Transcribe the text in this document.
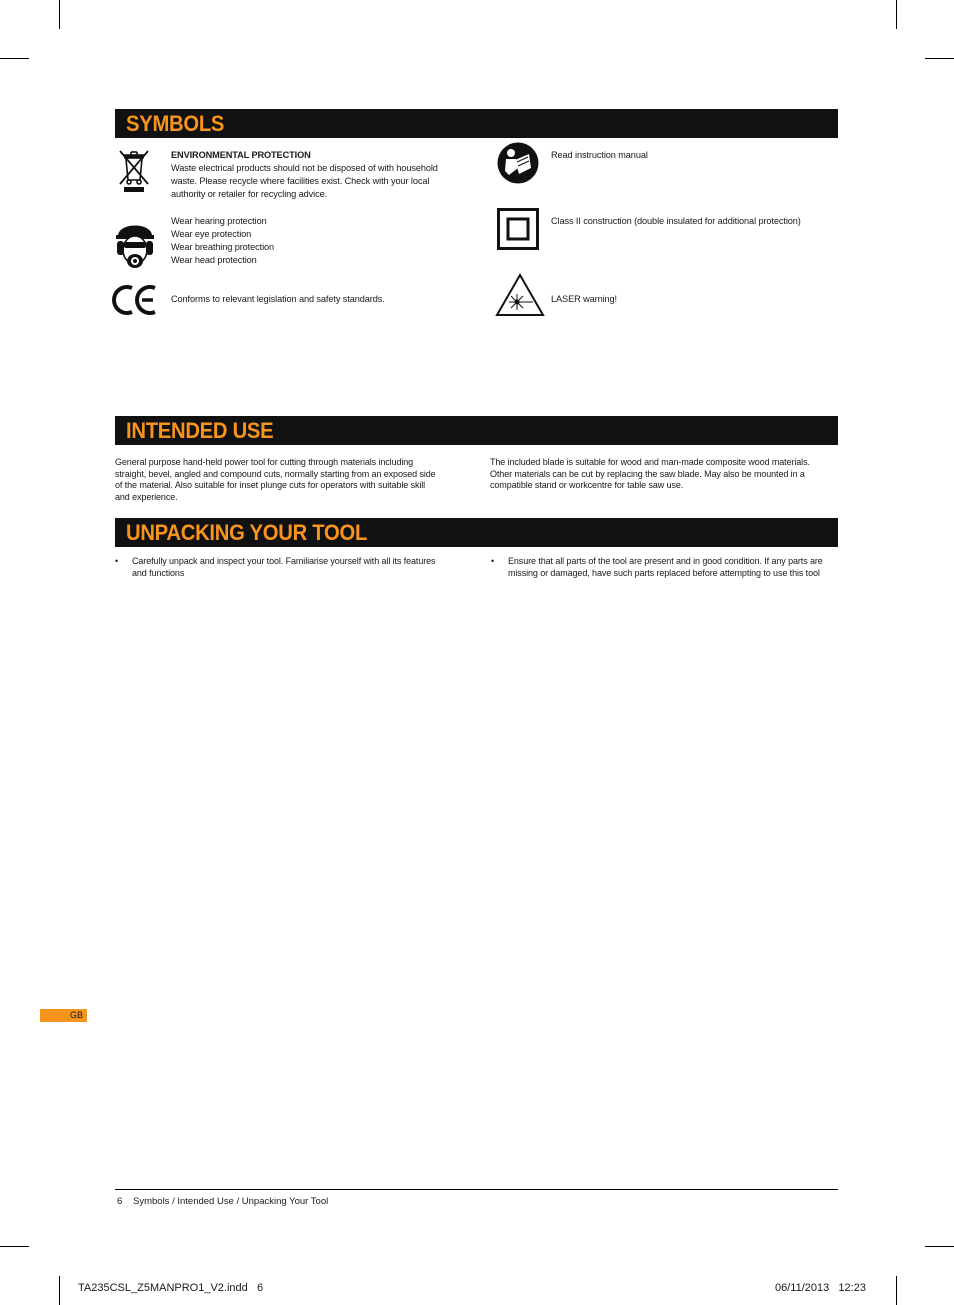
SYMBOLS
ENVIRONMENTAL PROTECTION
Waste electrical products should not be disposed of with household
waste. Please recycle where facilities exist. Check with your local
authority or retailer for recycling advice.
Wear hearing protection
Wear eye protection
Wear breathing protection
Wear head protection
Conforms to relevant legislation and safety standards.
Read instruction manual
Class II construction (double insulated for additional protection)
LASER warning!
INTENDED USE
General purpose hand-held power tool for cutting through materials including
straight, bevel, angled and compound cuts, normally starting from an exposed side
of the material. Also suitable for inset plunge cuts for operators with suitable skill
and experience.
The included blade is suitable for wood and man-made composite wood materials.
Other materials can be cut by replacing the saw blade. May also be mounted in a
compatible stand or workcentre for table saw use.
UNPACKING YOUR TOOL
•	Carefully unpack and inspect your tool. Familiarise yourself with all its features
and functions
•	Ensure that all parts of the tool are present and in good condition. If any parts are
missing or damaged, have such parts replaced before attempting to use this tool
GB
6 Symbols / Intended Use / Unpacking Your Tool
TA235CSL_Z5MANPRO1_V2.indd   6	06/11/2013   12:23
